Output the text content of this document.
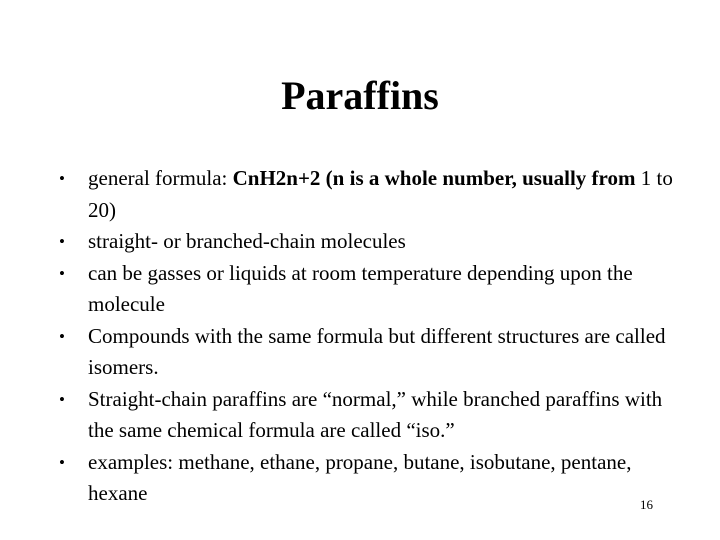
Paraffins
• general formula: CnH2n+2 (n is a whole number, usually from 1 to 20)
• straight- or branched-chain molecules
• can be gasses or liquids at room temperature depending upon the molecule
• Compounds with the same formula but different structures are called isomers.
• Straight-chain paraffins are “normal,” while branched paraffins with the same chemical formula are called “iso.”
• examples: methane, ethane, propane, butane, isobutane, pentane, hexane	16
